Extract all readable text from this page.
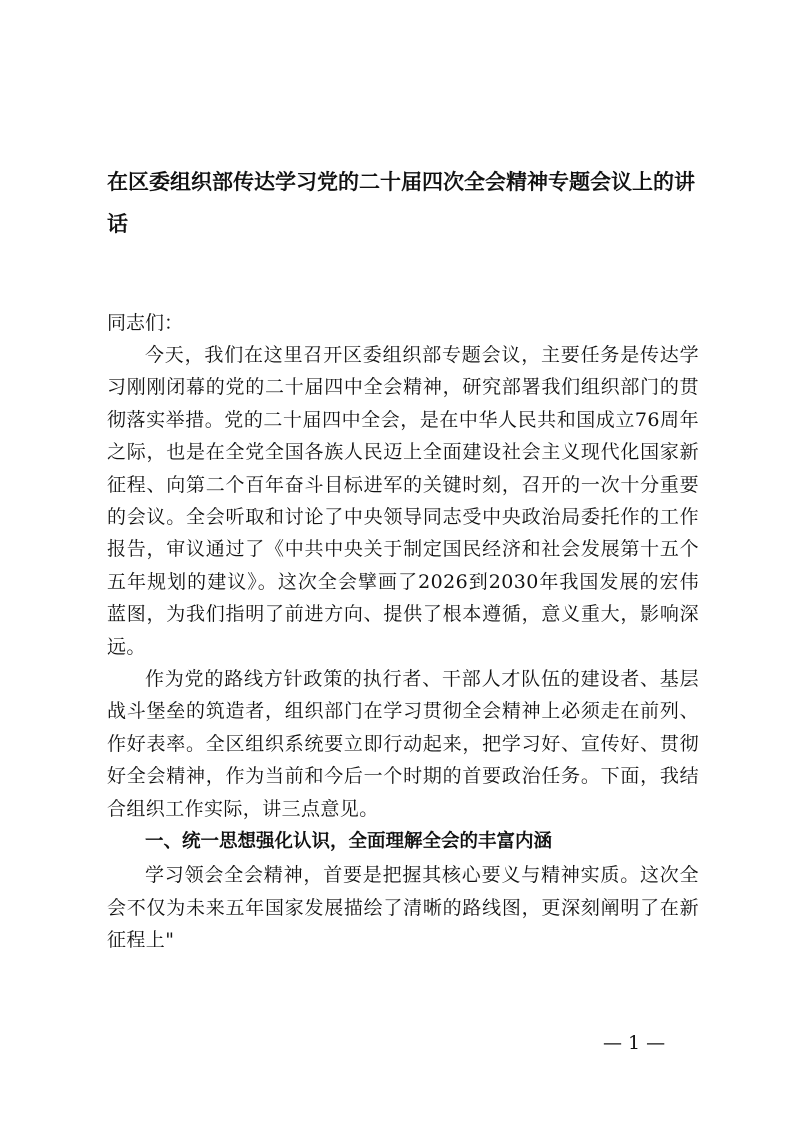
在区委组织部传达学习党的二十届四次全会精神专题会议上的讲话
同志们：

今天，我们在这里召开区委组织部专题会议，主要任务是传达学习刚刚闭幕的党的二十届四中全会精神，研究部署我们组织部门的贯彻落实举措。党的二十届四中全会，是在中华人民共和国成立76周年之际，也是在全党全国各族人民迈上全面建设社会主义现代化国家新征程、向第二个百年奋斗目标进军的关键时刻，召开的一次十分重要的会议。全会听取和讨论了中央领导同志受中央政治局委托作的工作报告，审议通过了《中共中央关于制定国民经济和社会发展第十五个五年规划的建议》。这次全会擘画了2026到2030年我国发展的宏伟蓝图，为我们指明了前进方向、提供了根本遵循，意义重大，影响深远。

作为党的路线方针政策的执行者、干部人才队伍的建设者、基层战斗堡垒的筑造者，组织部门在学习贯彻全会精神上必须走在前列、作好表率。全区组织系统要立即行动起来，把学习好、宣传好、贯彻好全会精神，作为当前和今后一个时期的首要政治任务。下面，我结合组织工作实际，讲三点意见。

一、统一思想强化认识，全面理解全会的丰富内涵

学习领会全会精神，首要是把握其核心要义与精神实质。这次全会不仅为未来五年国家发展描绘了清晰的路线图，更深刻阐明了在新征程上"

— 1 —
